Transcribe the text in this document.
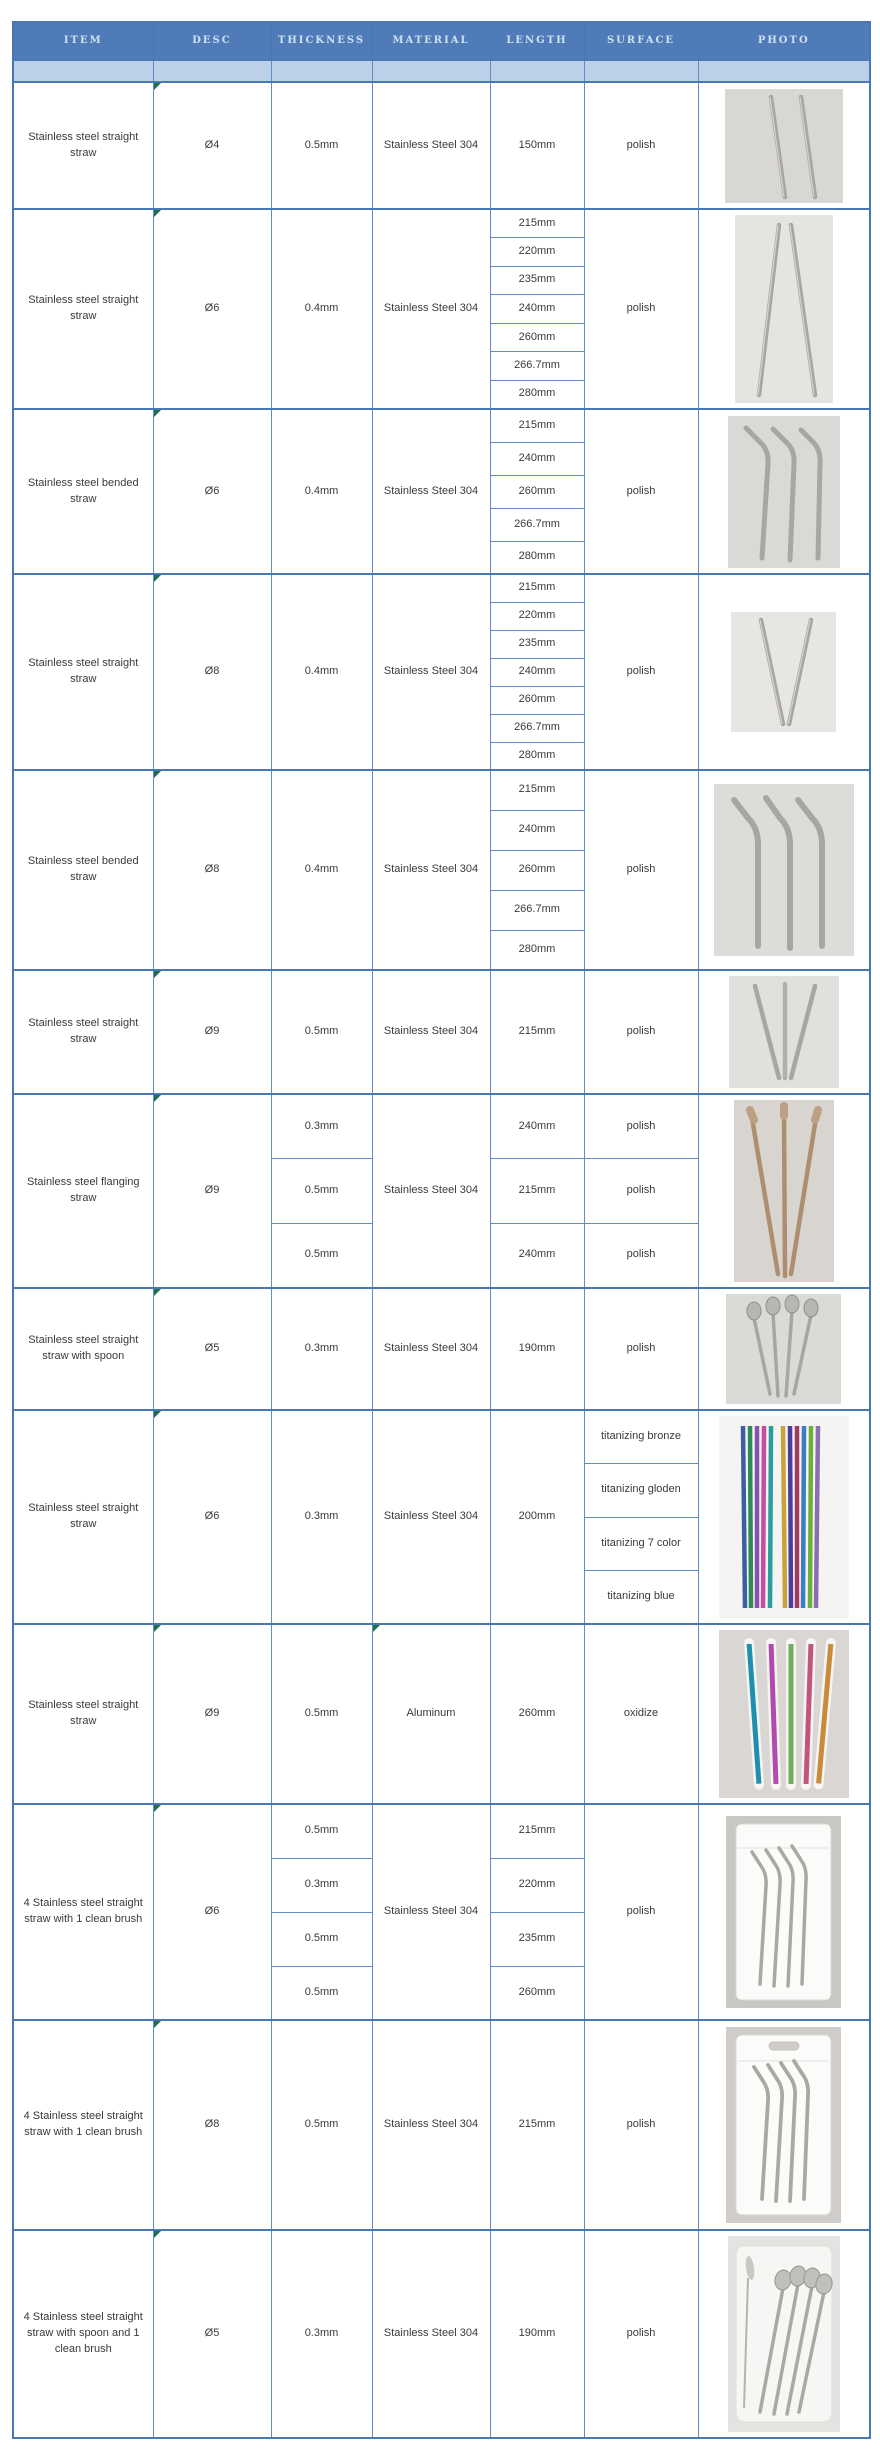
ITEM	DESC	THICKNESS	MATERIAL	LENGTH	SURFACE	PHOTO

Stainless steel straight straw	Ø4	0.5mm	Stainless Steel 304	150mm	polish	

Stainless steel straight straw	Ø6	0.4mm	Stainless Steel 304	215mm	polish	

				220mm		
				235mm		
				240mm		
				260mm		
				266.7mm		
				280mm		
Stainless steel bended straw	Ø6	0.4mm	Stainless Steel 304	215mm	polish	

				240mm		
				260mm		
				266.7mm		
				280mm		
Stainless steel straight straw	Ø8	0.4mm	Stainless Steel 304	215mm	polish	

				220mm		
				235mm		
				240mm		
				260mm		
				266.7mm		
				280mm		
Stainless steel bended straw	Ø8	0.4mm	Stainless Steel 304	215mm	polish	

				240mm		
				260mm		
				266.7mm		
				280mm		
Stainless steel straight straw	Ø9	0.5mm	Stainless Steel 304	215mm	polish	

Stainless steel flanging straw	Ø9	0.3mm	Stainless Steel 304	240mm	polish	

		0.5mm		215mm	polish	
		0.5mm		240mm	polish	
Stainless steel straight straw with spoon	Ø5	0.3mm	Stainless Steel 304	190mm	polish	

Stainless steel straight straw	Ø6	0.3mm	Stainless Steel 304	200mm	titanizing bronze	

					titanizing gloden	
					titanizing 7 color	
					titanizing blue	
Stainless steel straight straw	Ø9	0.5mm	Aluminum	260mm	oxidize	

4 Stainless steel straight straw with 1 clean brush	Ø6	0.5mm	Stainless Steel 304	215mm	polish	

		0.3mm		220mm		
		0.5mm		235mm		
		0.5mm		260mm		
4 Stainless steel straight straw with 1 clean brush	Ø8	0.5mm	Stainless Steel 304	215mm	polish	

4 Stainless steel straight straw with spoon and 1 clean brush	Ø5	0.3mm	Stainless Steel 304	190mm	polish	
